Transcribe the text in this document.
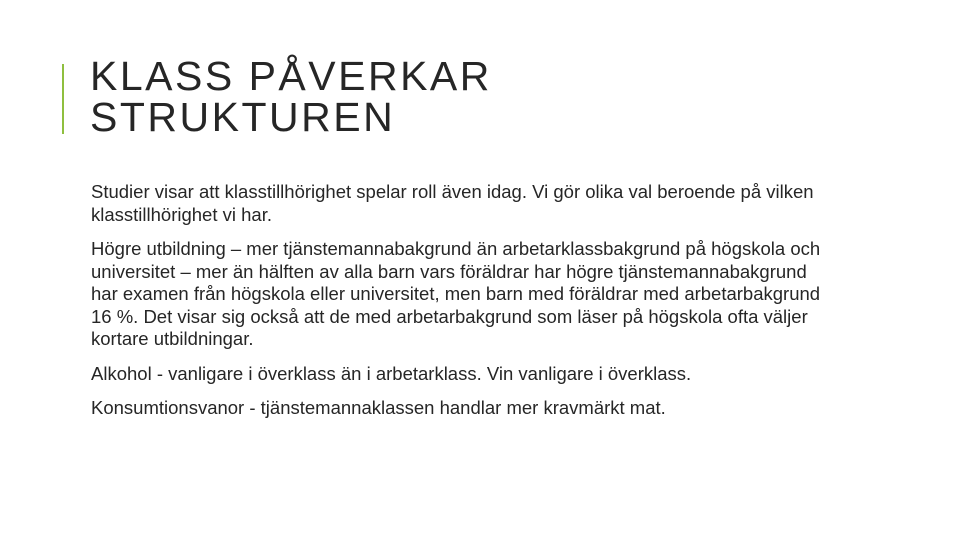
KLASS PÅVERKAR
STRUKTUREN
Studier visar att klasstillhörighet spelar roll även idag. Vi gör olika val beroende på vilken klasstillhörighet vi har.
Högre utbildning – mer tjänstemannabakgrund än arbetarklassbakgrund på högskola och universitet – mer än hälften av alla barn vars föräldrar har högre tjänstemannabakgrund har examen från högskola eller universitet, men barn med föräldrar med arbetarbakgrund 16 %. Det visar sig också att de med arbetarbakgrund som läser på högskola ofta väljer kortare utbildningar.
Alkohol - vanligare i överklass än i arbetarklass. Vin vanligare i överklass.
Konsumtionsvanor - tjänstemannaklassen handlar mer kravmärkt mat.
